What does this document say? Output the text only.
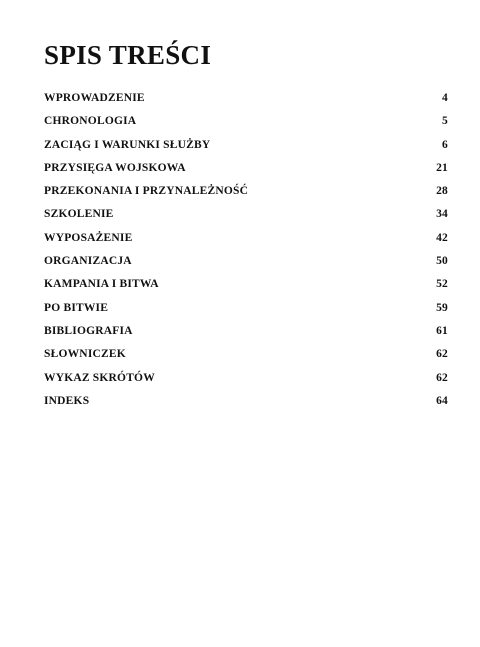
SPIS TREŚCI
WPROWADZENIE	4
CHRONOLOGIA	5
ZACIĄG I WARUNKI SŁUŻBY	6
PRZYSIĘGA WOJSKOWA	21
PRZEKONANIA I PRZYNALEŻNOŚĆ	28
SZKOLENIE	34
WYPOSAŻENIE	42
ORGANIZACJA	50
KAMPANIA I BITWA	52
PO BITWIE	59
BIBLIOGRAFIA	61
SŁOWNICZEK	62
WYKAZ SKRÓTÓW	62
INDEKS	64
